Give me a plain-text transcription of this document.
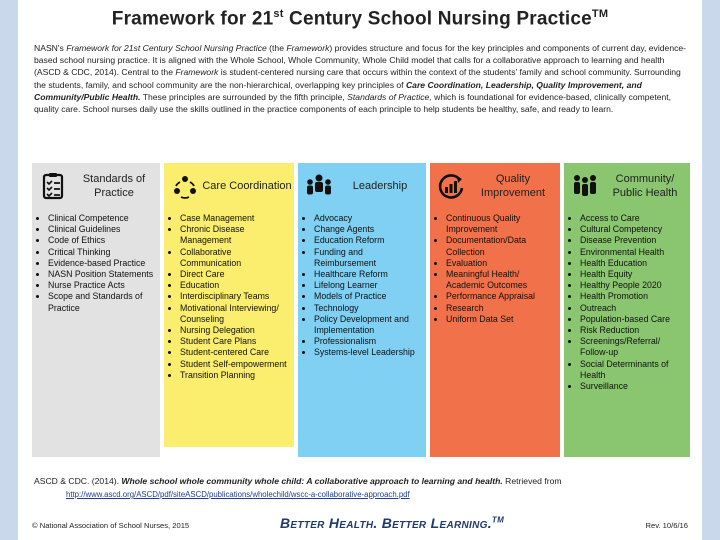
Framework for 21st Century School Nursing Practice™
NASN's Framework for 21st Century School Nursing Practice (the Framework) provides structure and focus for the key principles and components of current day, evidence-based school nursing practice. It is aligned with the Whole School, Whole Community, Whole Child model that calls for a collaborative approach to learning and health (ASCD & CDC, 2014). Central to the Framework is student-centered nursing care that occurs within the context of the students' family and school community. Surrounding the students, family, and school community are the non-hierarchical, overlapping key principles of Care Coordination, Leadership, Quality Improvement, and Community/Public Health. These principles are surrounded by the fifth principle, Standards of Practice, which is foundational for evidence-based, clinically competent, quality care. School nurses daily use the skills outlined in the practice components of each principle to help students be healthy, safe, and ready to learn.
Standards of Practice
• Clinical Competence
• Clinical Guidelines
• Code of Ethics
• Critical Thinking
• Evidence-based Practice
• NASN Position Statements
• Nurse Practice Acts
• Scope and Standards of Practice
Care Coordination
• Case Management
• Chronic Disease Management
• Collaborative Communication
• Direct Care
• Education
• Interdisciplinary Teams
• Motivational Interviewing/ Counseling
• Nursing Delegation
• Student Care Plans
• Student-centered Care
• Student Self-empowerment
• Transition Planning
Leadership
• Advocacy
• Change Agents
• Education Reform
• Funding and Reimbursement
• Healthcare Reform
• Lifelong Learner
• Models of Practice
• Technology
• Policy Development and Implementation
• Professionalism
• Systems-level Leadership
Quality Improvement
• Continuous Quality Improvement
• Documentation/Data Collection
• Evaluation
• Meaningful Health/ Academic Outcomes
• Performance Appraisal
• Research
• Uniform Data Set
Community/ Public Health
• Access to Care
• Cultural Competency
• Disease Prevention
• Environmental Health
• Health Education
• Health Equity
• Healthy People 2020
• Health Promotion
• Outreach
• Population-based Care
• Risk Reduction
• Screenings/Referral/ Follow-up
• Social Determinants of Health
• Surveillance
ASCD & CDC. (2014). Whole school whole community whole child: A collaborative approach to learning and health. Retrieved from
http://www.ascd.org/ASCD/pdf/siteASCD/publications/wholechild/wscc-a-collaborative-approach.pdf
© National Association of School Nurses, 2015	Better Health. Better Learning.™
Rev. 10/6/16
